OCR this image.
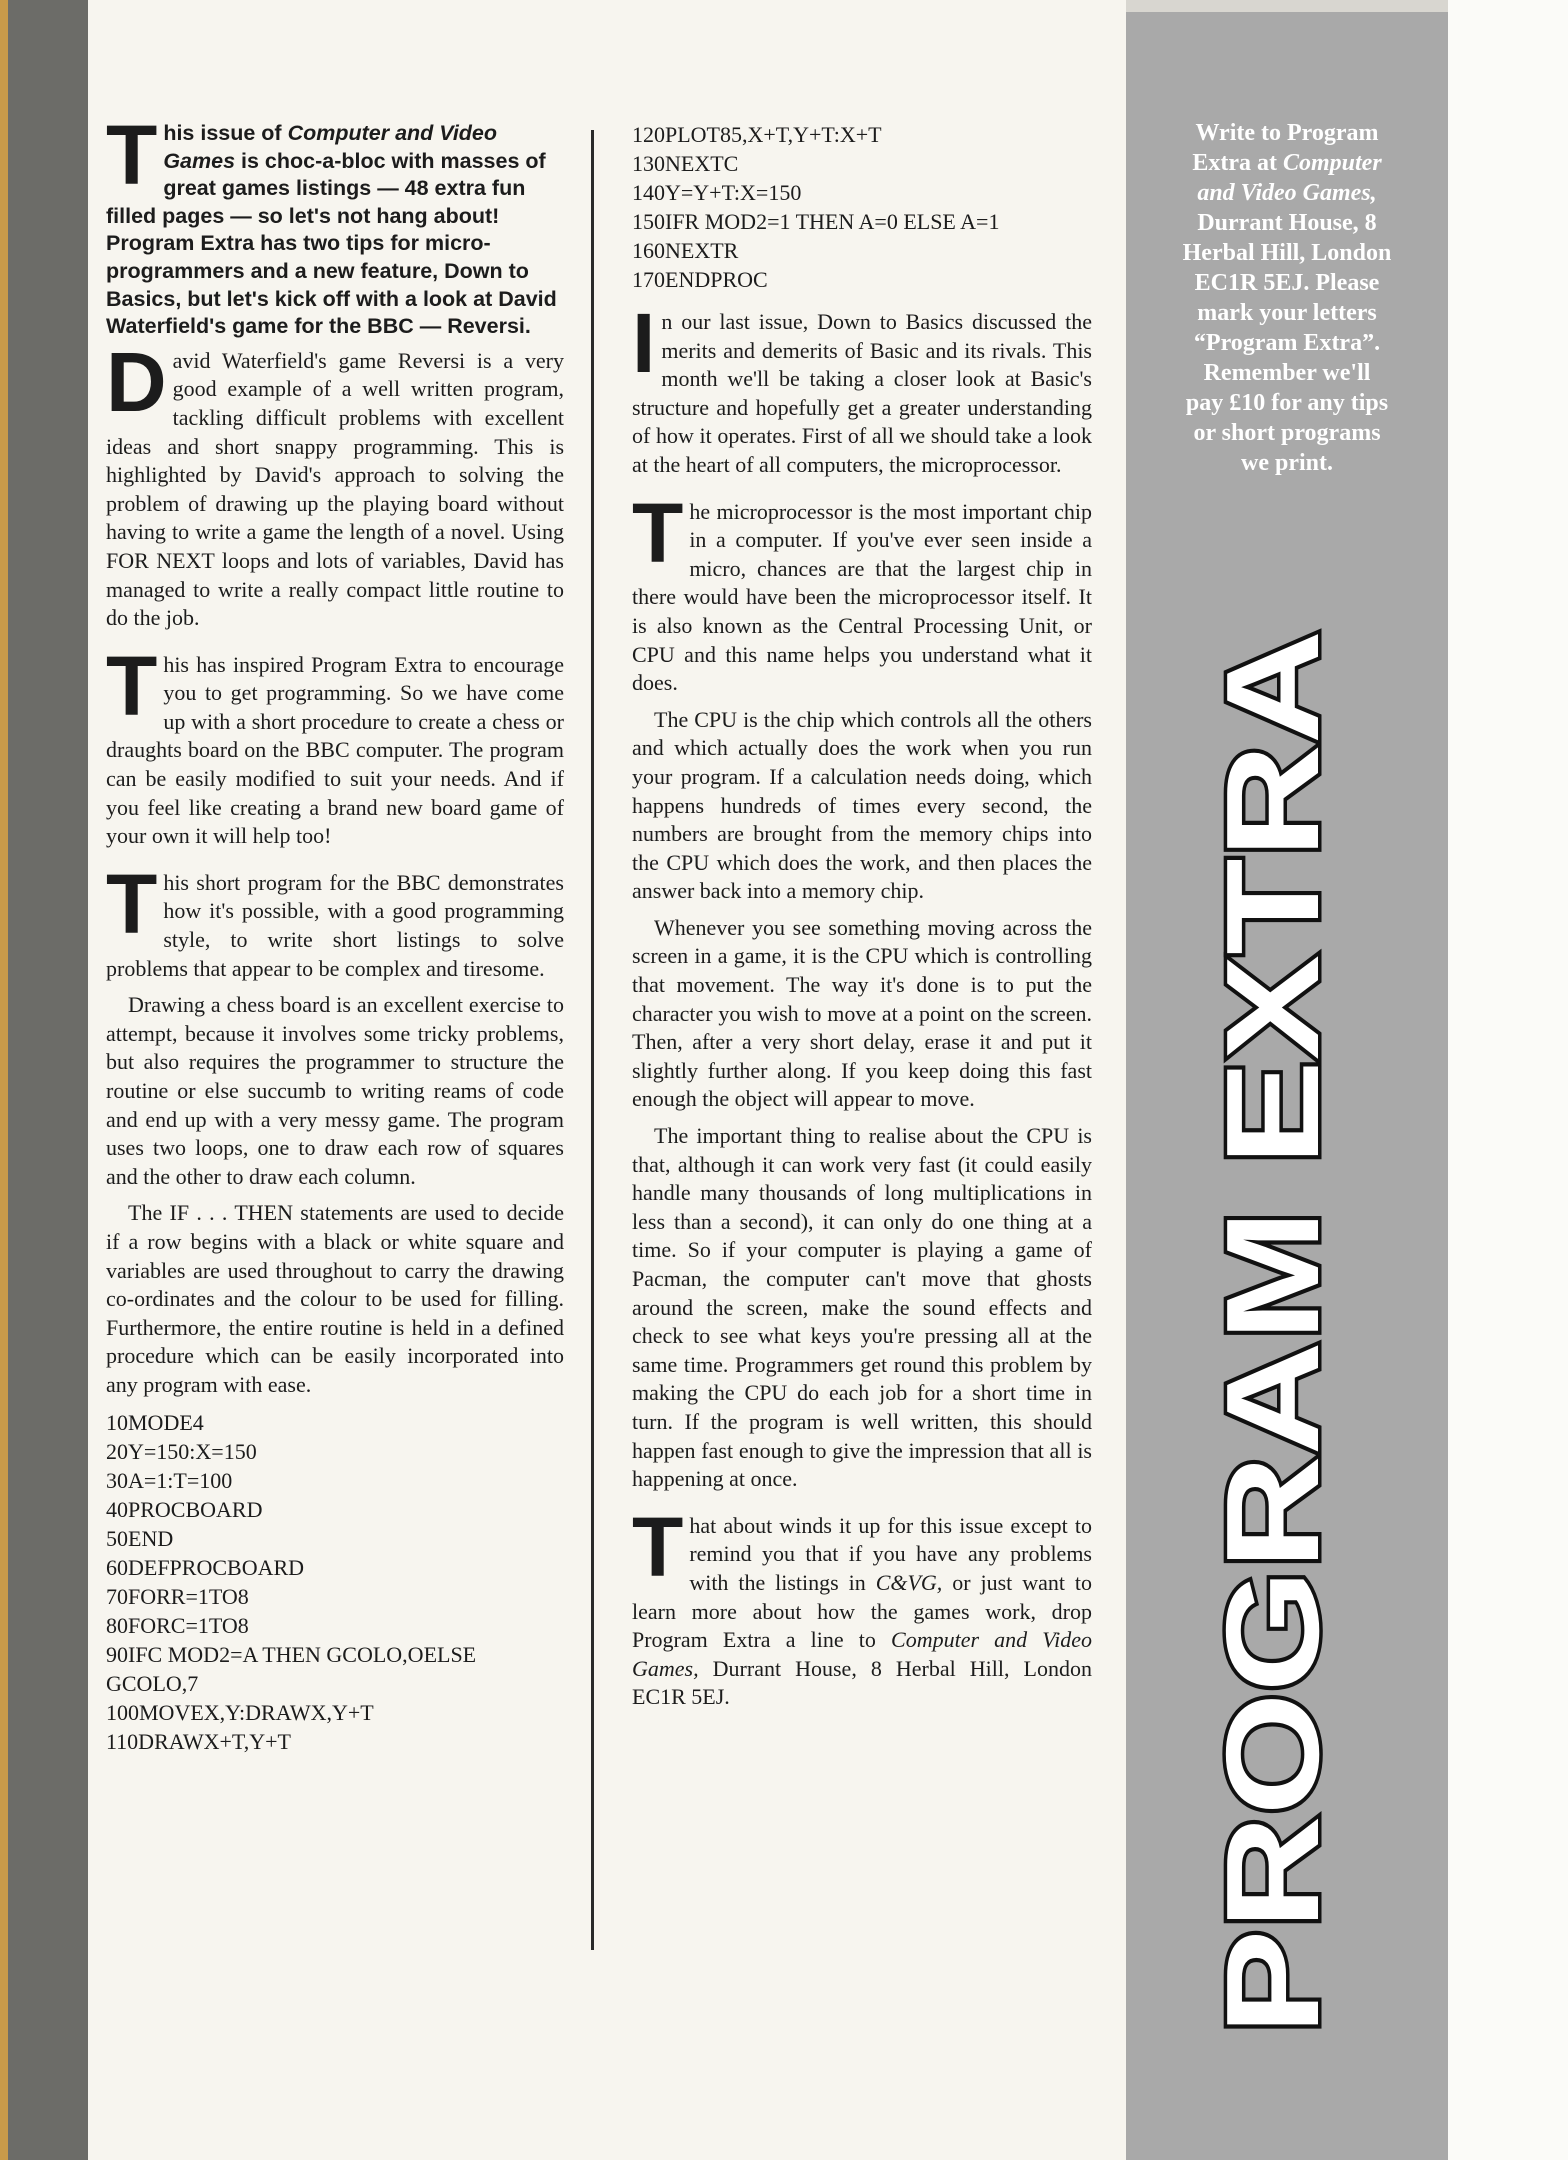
This issue of Computer and Video Games is choc-a-bloc with masses of great games listings — 48 extra fun filled pages — so let's not hang about! Program Extra has two tips for micro-programmers and a new feature, Down to Basics, but let's kick off with a look at David Waterfield's game for the BBC — Reversi.

David Waterfield's game Reversi is a very good example of a well written program, tackling difficult problems with excellent ideas and short snappy programming. This is highlighted by David's approach to solving the problem of drawing up the playing board without having to write a game the length of a novel. Using FOR NEXT loops and lots of variables, David has managed to write a really compact little routine to do the job.

This has inspired Program Extra to encourage you to get programming. So we have come up with a short procedure to create a chess or draughts board on the BBC computer. The program can be easily modified to suit your needs. And if you feel like creating a brand new board game of your own it will help too!

This short program for the BBC demonstrates how it's possible, with a good programming style, to write short listings to solve problems that appear to be complex and tiresome.

Drawing a chess board is an excellent exercise to attempt, because it involves some tricky problems, but also requires the programmer to structure the routine or else succumb to writing reams of code and end up with a very messy game. The program uses two loops, one to draw each row of squares and the other to draw each column.

The IF . . . THEN statements are used to decide if a row begins with a black or white square and variables are used throughout to carry the drawing co-ordinates and the colour to be used for filling. Furthermore, the entire routine is held in a defined procedure which can be easily incorporated into any program with ease.

10MODE4
20Y=150:X=150
30A=1:T=100
40PROCBOARD
50END
60DEFPROCBOARD
70FORR=1TO8
80FORC=1TO8
90IFC MOD2=A THEN GCOLO,OELSE GCOLO,7
100MOVEX,Y:DRAWX,Y+T
110DRAWX+T,Y+T
120PLOT85,X+T,Y+T:X+T
130NEXTC
140Y=Y+T:X=150
150IFR MOD2=1 THEN A=0 ELSE A=1
160NEXTR
170ENDPROC

In our last issue, Down to Basics discussed the merits and demerits of Basic and its rivals. This month we'll be taking a closer look at Basic's structure and hopefully get a greater understanding of how it operates. First of all we should take a look at the heart of all computers, the microprocessor.

The microprocessor is the most important chip in a computer. If you've ever seen inside a micro, chances are that the largest chip in there would have been the microprocessor itself. It is also known as the Central Processing Unit, or CPU and this name helps you understand what it does.

The CPU is the chip which controls all the others and which actually does the work when you run your program. If a calculation needs doing, which happens hundreds of times every second, the numbers are brought from the memory chips into the CPU which does the work, and then places the answer back into a memory chip.

Whenever you see something moving across the screen in a game, it is the CPU which is controlling that movement. The way it's done is to put the character you wish to move at a point on the screen. Then, after a very short delay, erase it and put it slightly further along. If you keep doing this fast enough the object will appear to move.

The important thing to realise about the CPU is that, although it can work very fast (it could easily handle many thousands of long multiplications in less than a second), it can only do one thing at a time. So if your computer is playing a game of Pacman, the computer can't move that ghosts around the screen, make the sound effects and check to see what keys you're pressing all at the same time. Programmers get round this problem by making the CPU do each job for a short time in turn. If the program is well written, this should happen fast enough to give the impression that all is happening at once.

That about winds it up for this issue except to remind you that if you have any problems with the listings in C&VG, or just want to learn more about how the games work, drop Program Extra a line to Computer and Video Games, Durrant House, 8 Herbal Hill, London EC1R 5EJ.

Write to Program
Extra at Computer
and Video Games,
Durrant House, 8
Herbal Hill, London
EC1R 5EJ. Please
mark your letters
“Program Extra”.
Remember we'll
pay £10 for any tips
or short programs
we print.
PROGRAM EXTRA
